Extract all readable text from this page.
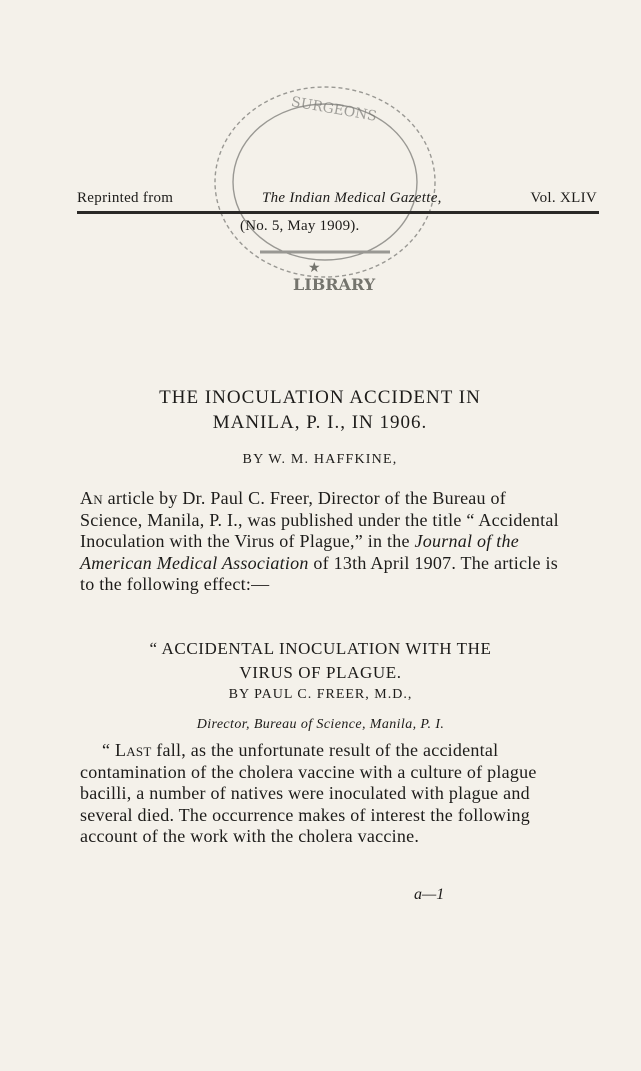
SURGEONS
LIBRARY
★
Reprinted from	The Indian Medical Gazette,	Vol. XLIV
(No. 5, May 1909).
THE INOCULATION ACCIDENT IN
MANILA, P. I., IN 1906.
BY W. M. HAFFKINE,
An article by Dr. Paul C. Freer, Director of the Bureau of Science, Manila, P. I., was published under the title “ Accidental Inoculation with the Virus of Plague,” in the Journal of the American Medical Association of 13th April 1907. The article is to the following effect:—
“ ACCIDENTAL INOCULATION WITH THE
VIRUS OF PLAGUE.
BY PAUL C. FREER, M.D.,
Director, Bureau of Science, Manila, P. I.
“ Last fall, as the unfortunate result of the accidental contamination of the cholera vaccine with a culture of plague bacilli, a number of natives were inoculated with plague and several died. The occurrence makes of interest the following account of the work with the cholera vaccine.
a—1
